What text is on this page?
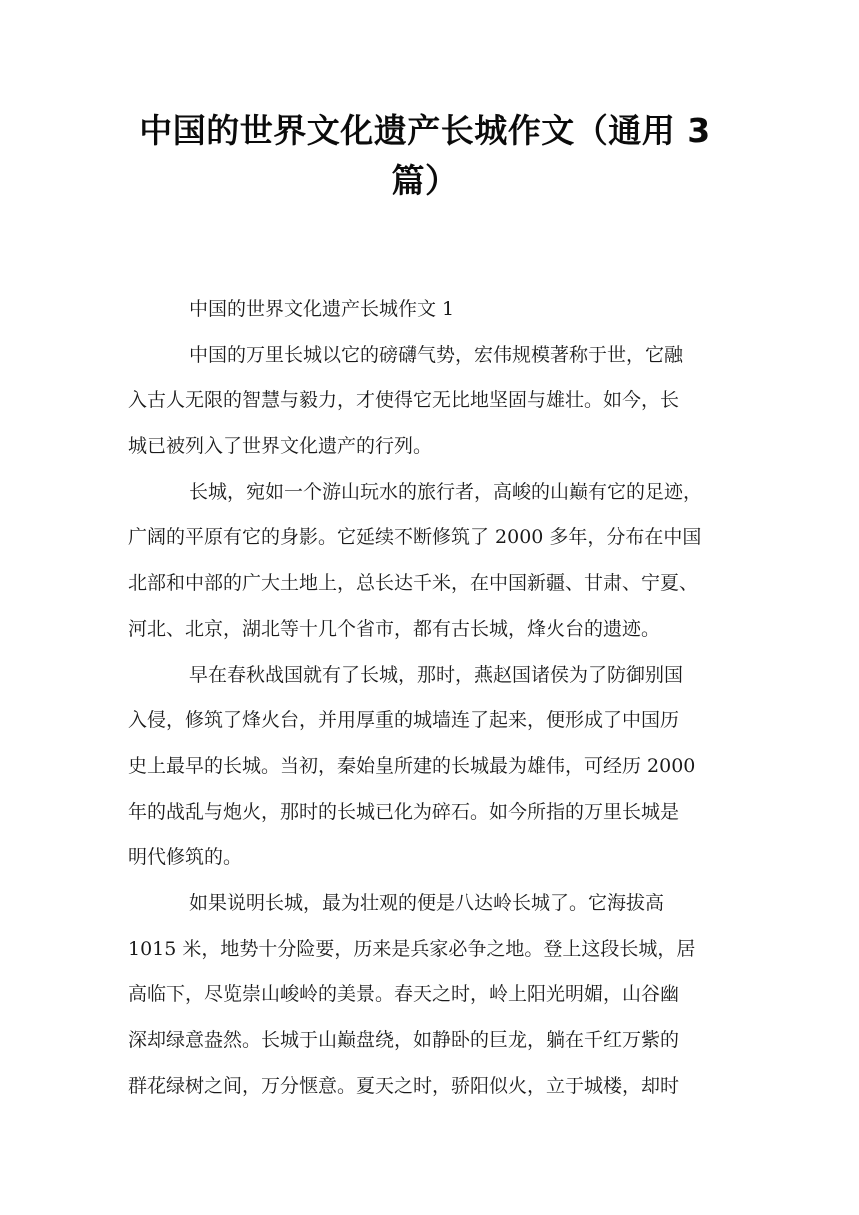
中国的世界文化遗产长城作文（通用 3 篇）
中国的世界文化遗产长城作文 1
中国的万里长城以它的磅礴气势，宏伟规模著称于世，它融
入古人无限的智慧与毅力，才使得它无比地坚固与雄壮。如今，长
城已被列入了世界文化遗产的行列。
长城，宛如一个游山玩水的旅行者，高峻的山巅有它的足迹，
广阔的平原有它的身影。它延续不断修筑了 2000 多年，分布在中国
北部和中部的广大土地上，总长达千米，在中国新疆、甘肃、宁夏、
河北、北京，湖北等十几个省市，都有古长城，烽火台的遗迹。
早在春秋战国就有了长城，那时，燕赵国诸侯为了防御别国
入侵，修筑了烽火台，并用厚重的城墙连了起来，便形成了中国历
史上最早的长城。当初，秦始皇所建的长城最为雄伟，可经历 2000
年的战乱与炮火，那时的长城已化为碎石。如今所指的万里长城是
明代修筑的。
如果说明长城，最为壮观的便是八达岭长城了。它海拔高
1015 米，地势十分险要，历来是兵家必争之地。登上这段长城，居
高临下，尽览崇山峻岭的美景。春天之时，岭上阳光明媚，山谷幽
深却绿意盎然。长城于山巅盘绕，如静卧的巨龙，躺在千红万紫的
群花绿树之间，万分惬意。夏天之时，骄阳似火，立于城楼，却时
